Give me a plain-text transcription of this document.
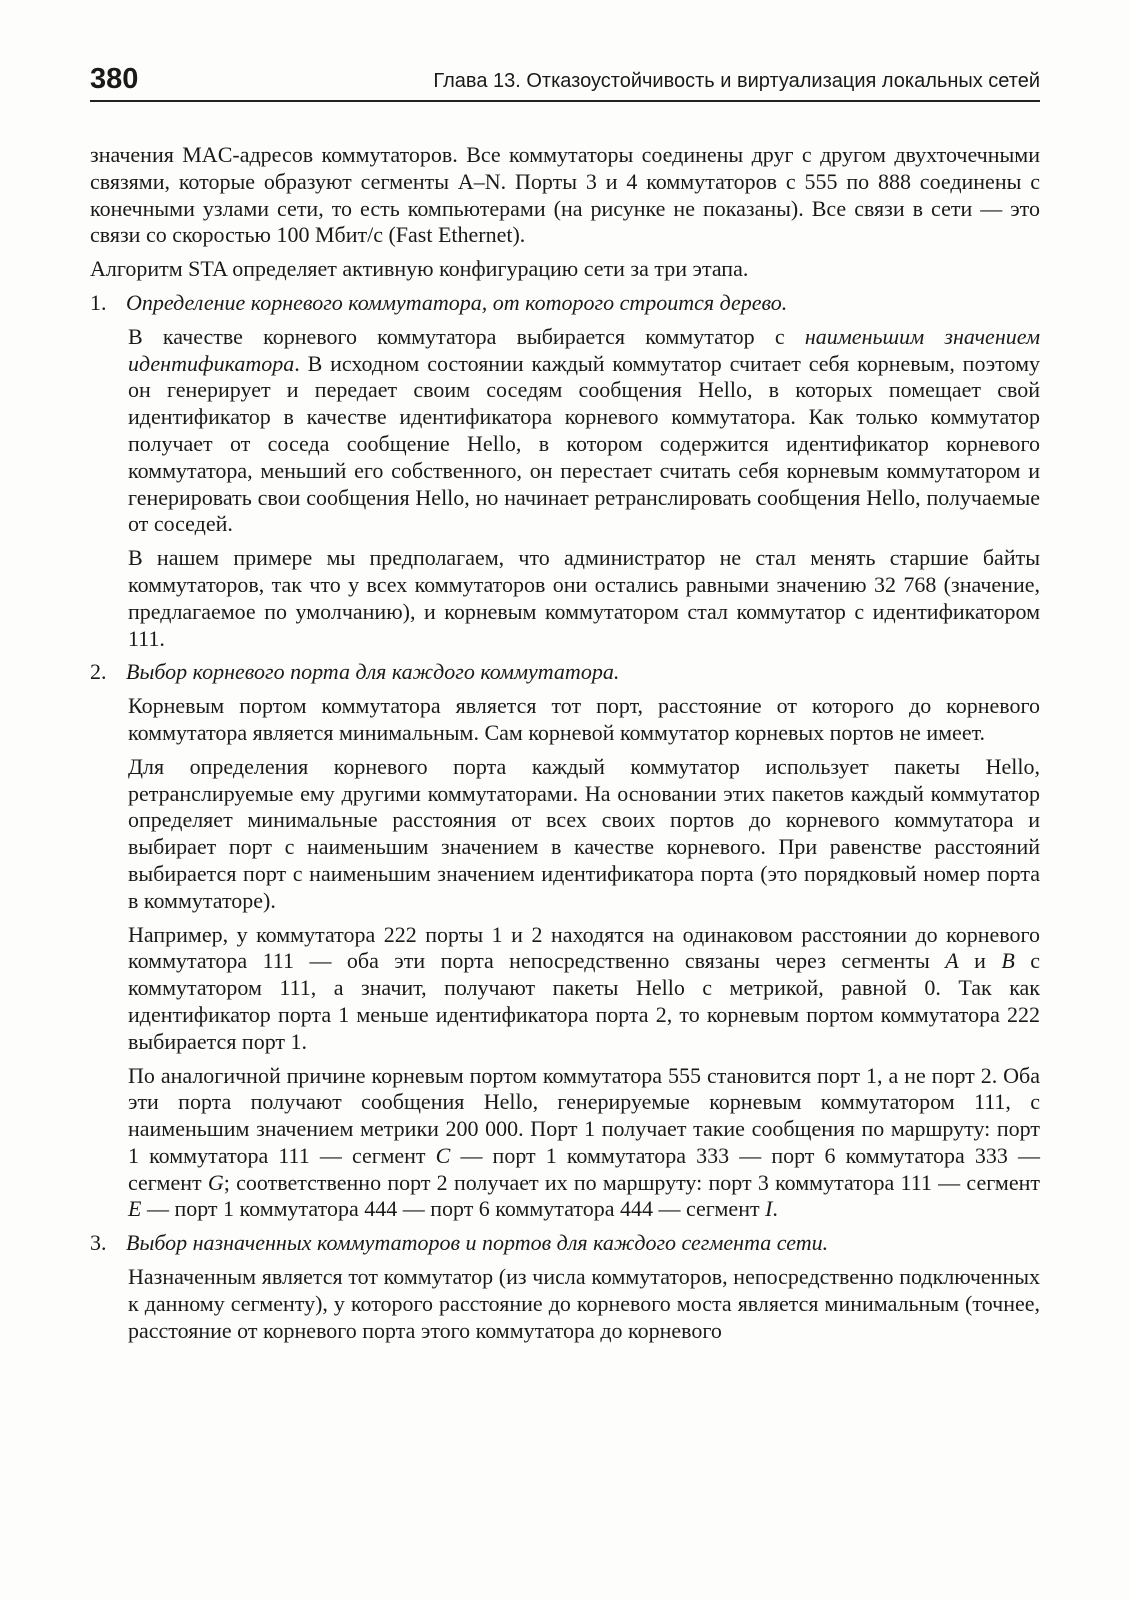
380	Глава 13. Отказоустойчивость и виртуализация локальных сетей

значения MAC-адресов коммутаторов. Все коммутаторы соединены друг с другом двухточечными связями, которые образуют сегменты A–N. Порты 3 и 4 коммутаторов с 555 по 888 соединены с конечными узлами сети, то есть компьютерами (на рисунке не показаны). Все связи в сети — это связи со скоростью 100 Мбит/с (Fast Ethernet).

Алгоритм STA определяет активную конфигурацию сети за три этапа.

1. Определение корневого коммутатора, от которого строится дерево.

В качестве корневого коммутатора выбирается коммутатор с наименьшим значением идентификатора. В исходном состоянии каждый коммутатор считает себя корневым, поэтому он генерирует и передает своим соседям сообщения Hello, в которых помещает свой идентификатор в качестве идентификатора корневого коммутатора. Как только коммутатор получает от соседа сообщение Hello, в котором содержится идентификатор корневого коммутатора, меньший его собственного, он перестает считать себя корневым коммутатором и генерировать свои сообщения Hello, но начинает ретранслировать сообщения Hello, получаемые от соседей.

В нашем примере мы предполагаем, что администратор не стал менять старшие байты коммутаторов, так что у всех коммутаторов они остались равными значению 32 768 (значение, предлагаемое по умолчанию), и корневым коммутатором стал коммутатор с идентификатором 111.

2. Выбор корневого порта для каждого коммутатора.

Корневым портом коммутатора является тот порт, расстояние от которого до корневого коммутатора является минимальным. Сам корневой коммутатор корневых портов не имеет.

Для определения корневого порта каждый коммутатор использует пакеты Hello, ретранслируемые ему другими коммутаторами. На основании этих пакетов каждый коммутатор определяет минимальные расстояния от всех своих портов до корневого коммутатора и выбирает порт с наименьшим значением в качестве корневого. При равенстве расстояний выбирается порт с наименьшим значением идентификатора порта (это порядковый номер порта в коммутаторе).

Например, у коммутатора 222 порты 1 и 2 находятся на одинаковом расстоянии до корневого коммутатора 111 — оба эти порта непосредственно связаны через сегменты A и B с коммутатором 111, а значит, получают пакеты Hello с метрикой, равной 0. Так как идентификатор порта 1 меньше идентификатора порта 2, то корневым портом коммутатора 222 выбирается порт 1.

По аналогичной причине корневым портом коммутатора 555 становится порт 1, а не порт 2. Оба эти порта получают сообщения Hello, генерируемые корневым коммутатором 111, с наименьшим значением метрики 200 000. Порт 1 получает такие сообщения по маршруту: порт 1 коммутатора 111 — сегмент C — порт 1 коммутатора 333 — порт 6 коммутатора 333 — сегмент G; соответственно порт 2 получает их по маршруту: порт 3 коммутатора 111 — сегмент E — порт 1 коммутатора 444 — порт 6 коммутатора 444 — сегмент I.

3. Выбор назначенных коммутаторов и портов для каждого сегмента сети.

Назначенным является тот коммутатор (из числа коммутаторов, непосредственно подключенных к данному сегменту), у которого расстояние до корневого моста является минимальным (точнее, расстояние от корневого порта этого коммутатора до корневого
